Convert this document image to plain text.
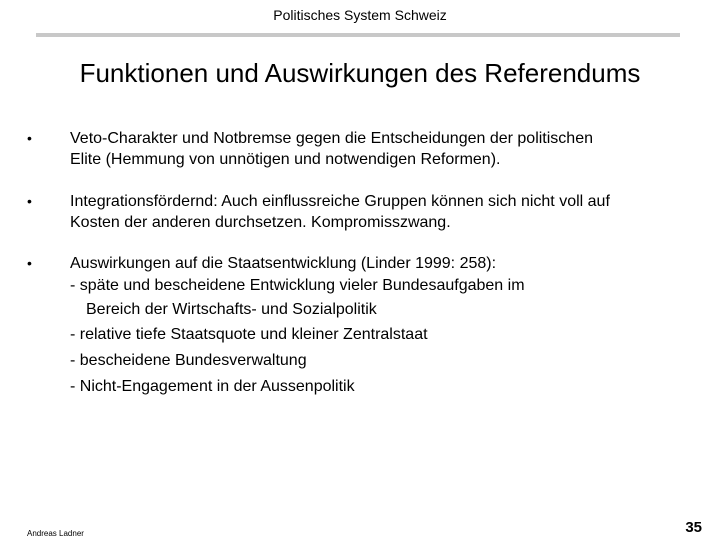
Politisches System Schweiz
Funktionen und Auswirkungen des Referendums
•	Veto-Charakter und Notbremse gegen die Entscheidungen der politischen
Elite (Hemmung von unnötigen und notwendigen Reformen).
•	Integrationsfördernd: Auch einflussreiche Gruppen können sich nicht voll auf
Kosten der anderen durchsetzen. Kompromisszwang.
•	Auswirkungen auf die Staatsentwicklung (Linder 1999: 258):
- späte und bescheidene Entwicklung vieler Bundesaufgaben im
Bereich der Wirtschafts- und Sozialpolitik
- relative tiefe Staatsquote und kleiner Zentralstaat
- bescheidene Bundesverwaltung
- Nicht-Engagement in der Aussenpolitik
Andreas Ladner	35
